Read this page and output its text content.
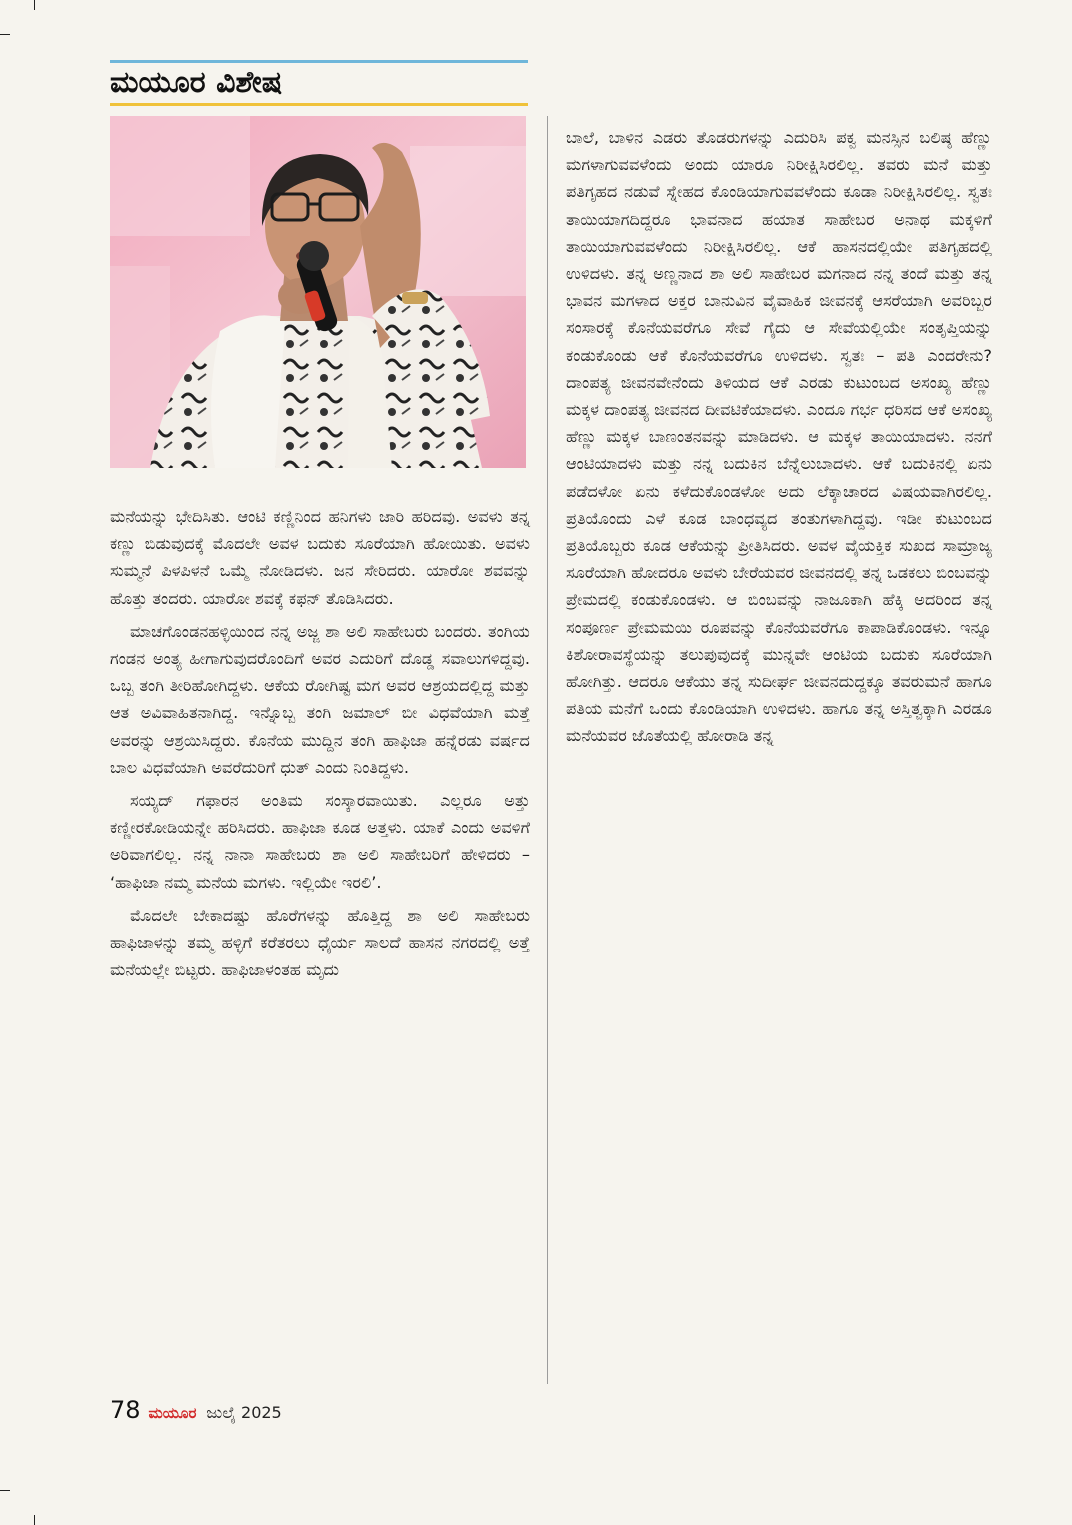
ಮಯೂರ ವಿಶೇಷ

ಮನೆಯನ್ನು ಭೇದಿಸಿತು. ಆಂಟಿ ಕಣ್ಣಿನಿಂದ ಹನಿಗಳು ಜಾರಿ ಹರಿದವು. ಅವಳು ತನ್ನ ಕಣ್ಣು ಬಿಡುವುದಕ್ಕೆ ಮೊದಲೇ ಅವಳ ಬದುಕು ಸೂರೆಯಾಗಿ ಹೋಯಿತು. ಅವಳು ಸುಮ್ಮನೆ ಪಿಳಪಿಳನೆ ಒಮ್ಮೆ ನೋಡಿದಳು. ಜನ ಸೇರಿದರು. ಯಾರೋ ಶವವನ್ನು ಹೊತ್ತು ತಂದರು. ಯಾರೋ ಶವಕ್ಕೆ ಕಫನ್ ತೊಡಿಸಿದರು.

ಮಾಚಗೊಂಡನಹಳ್ಳಿಯಿಂದ ನನ್ನ ಅಜ್ಜ ಶಾ ಅಲಿ ಸಾಹೇಬರು ಬಂದರು. ತಂಗಿಯ ಗಂಡನ ಅಂತ್ಯ ಹೀಗಾಗುವುದರೊಂದಿಗೆ ಅವರ ಎದುರಿಗೆ ದೊಡ್ಡ ಸವಾಲುಗಳಿದ್ದವು. ಒಬ್ಬ ತಂಗಿ ತೀರಿಹೋಗಿದ್ದಳು. ಆಕೆಯ ರೋಗಿಷ್ಟ ಮಗ ಅವರ ಆಶ್ರಯದಲ್ಲಿದ್ದ ಮತ್ತು ಆತ ಅವಿವಾಹಿತನಾಗಿದ್ದ. ಇನ್ನೊಬ್ಬ ತಂಗಿ ಜಮಾಲ್ ಬೀ ವಿಧವೆಯಾಗಿ ಮತ್ತೆ ಅವರನ್ನು ಆಶ್ರಯಿಸಿದ್ದರು. ಕೊನೆಯ ಮುದ್ದಿನ ತಂಗಿ ಹಾಫಿಜಾ ಹನ್ನೆರಡು ವರ್ಷದ ಬಾಲ ವಿಧವೆಯಾಗಿ ಅವರೆದುರಿಗೆ ಧುತ್ ಎಂದು ನಿಂತಿದ್ದಳು.

ಸಯ್ಯದ್ ಗಫಾರನ ಅಂತಿಮ ಸಂಸ್ಕಾರವಾಯಿತು. ಎಲ್ಲರೂ ಅತ್ತು ಕಣ್ಣೀರಕೋಡಿಯನ್ನೇ ಹರಿಸಿದರು. ಹಾಫಿಜಾ ಕೂಡ ಅತ್ತಳು. ಯಾಕೆ ಎಂದು ಅವಳಿಗೆ ಅರಿವಾಗಲಿಲ್ಲ. ನನ್ನ ನಾನಾ ಸಾಹೇಬರು ಶಾ ಅಲಿ ಸಾಹೇಬರಿಗೆ ಹೇಳಿದರು – ‘ಹಾಫಿಜಾ ನಮ್ಮ ಮನೆಯ ಮಗಳು. ಇಲ್ಲಿಯೇ ಇರಲಿ’.

ಮೊದಲೇ ಬೇಕಾದಷ್ಟು ಹೊರೆಗಳನ್ನು ಹೊತ್ತಿದ್ದ ಶಾ ಅಲಿ ಸಾಹೇಬರು ಹಾಫಿಜಾಳನ್ನು ತಮ್ಮ ಹಳ್ಳಿಗೆ ಕರೆತರಲು ಧೈರ್ಯ ಸಾಲದೆ ಹಾಸನ ನಗರದಲ್ಲಿ ಅತ್ತೆ ಮನೆಯಲ್ಲೇ ಬಿಟ್ಟರು. ಹಾಫಿಜಾಳಂತಹ ಮೃದು

ಬಾಲೆ, ಬಾಳಿನ ಎಡರು ತೊಡರುಗಳನ್ನು ಎದುರಿಸಿ ಪಕ್ವ ಮನಸ್ಸಿನ ಬಲಿಷ್ಠ ಹೆಣ್ಣು ಮಗಳಾಗುವವಳೆಂದು ಅಂದು ಯಾರೂ ನಿರೀಕ್ಷಿಸಿರಲಿಲ್ಲ. ತವರು ಮನೆ ಮತ್ತು ಪತಿಗೃಹದ ನಡುವೆ ಸ್ನೇಹದ ಕೊಂಡಿಯಾಗುವವಳೆಂದು ಕೂಡಾ ನಿರೀಕ್ಷಿಸಿರಲಿಲ್ಲ. ಸ್ವತಃ ತಾಯಿಯಾಗದಿದ್ದರೂ ಭಾವನಾದ ಹಯಾತ ಸಾಹೇಬರ ಅನಾಥ ಮಕ್ಕಳಿಗೆ ತಾಯಿಯಾಗುವವಳೆಂದು ನಿರೀಕ್ಷಿಸಿರಲಿಲ್ಲ. ಆಕೆ ಹಾಸನದಲ್ಲಿಯೇ ಪತಿಗೃಹದಲ್ಲಿ ಉಳಿದಳು. ತನ್ನ ಅಣ್ಣನಾದ ಶಾ ಅಲಿ ಸಾಹೇಬರ ಮಗನಾದ ನನ್ನ ತಂದೆ ಮತ್ತು ತನ್ನ ಭಾವನ ಮಗಳಾದ ಅಕ್ತರ ಬಾನುವಿನ ವೈವಾಹಿಕ ಜೀವನಕ್ಕೆ ಆಸರೆಯಾಗಿ ಅವರಿಬ್ಬರ ಸಂಸಾರಕ್ಕೆ ಕೊನೆಯವರೆಗೂ ಸೇವೆ ಗೈದು ಆ ಸೇವೆಯಲ್ಲಿಯೇ ಸಂತೃಪ್ತಿಯನ್ನು ಕಂಡುಕೊಂಡು ಆಕೆ ಕೊನೆಯವರೆಗೂ ಉಳಿದಳು. ಸ್ವತಃ – ಪತಿ ಎಂದರೇನು? ದಾಂಪತ್ಯ ಜೀವನವೇನೆಂದು ತಿಳಿಯದ ಆಕೆ ಎರಡು ಕುಟುಂಬದ ಅಸಂಖ್ಯ ಹೆಣ್ಣು ಮಕ್ಕಳ ದಾಂಪತ್ಯ ಜೀವನದ ದೀವಟಿಕೆಯಾದಳು. ಎಂದೂ ಗರ್ಭ ಧರಿಸದ ಆಕೆ ಅಸಂಖ್ಯ ಹೆಣ್ಣು ಮಕ್ಕಳ ಬಾಣಂತನವನ್ನು ಮಾಡಿದಳು. ಆ ಮಕ್ಕಳ ತಾಯಿಯಾದಳು. ನನಗೆ ಆಂಟಿಯಾದಳು ಮತ್ತು ನನ್ನ ಬದುಕಿನ ಬೆನ್ನೆಲುಬಾದಳು. ಆಕೆ ಬದುಕಿನಲ್ಲಿ ಏನು ಪಡೆದಳೋ ಏನು ಕಳೆದುಕೊಂಡಳೋ ಅದು ಲೆಕ್ಕಾಚಾರದ ವಿಷಯವಾಗಿರಲಿಲ್ಲ. ಪ್ರತಿಯೊಂದು ಎಳೆ ಕೂಡ ಬಾಂಧವ್ಯದ ತಂತುಗಳಾಗಿದ್ದವು. ಇಡೀ ಕುಟುಂಬದ ಪ್ರತಿಯೊಬ್ಬರು ಕೂಡ ಆಕೆಯನ್ನು ಪ್ರೀತಿಸಿದರು. ಅವಳ ವೈಯಕ್ತಿಕ ಸುಖದ ಸಾಮ್ರಾಜ್ಯ ಸೂರೆಯಾಗಿ ಹೋದರೂ ಅವಳು ಬೇರೆಯವರ ಜೀವನದಲ್ಲಿ ತನ್ನ ಒಡಕಲು ಬಿಂಬವನ್ನು ಪ್ರೇಮದಲ್ಲಿ ಕಂಡುಕೊಂಡಳು. ಆ ಬಿಂಬವನ್ನು ನಾಜೂಕಾಗಿ ಹೆಕ್ಕಿ ಅದರಿಂದ ತನ್ನ ಸಂಪೂರ್ಣ ಪ್ರೇಮಮಯಿ ರೂಪವನ್ನು ಕೊನೆಯವರೆಗೂ ಕಾಪಾಡಿಕೊಂಡಳು. ಇನ್ನೂ ಕಿಶೋರಾವಸ್ಥೆಯನ್ನು ತಲುಪುವುದಕ್ಕೆ ಮುನ್ನವೇ ಆಂಟಿಯ ಬದುಕು ಸೂರೆಯಾಗಿ ಹೋಗಿತ್ತು. ಆದರೂ ಆಕೆಯು ತನ್ನ ಸುದೀರ್ಘ ಜೀವನದುದ್ದಕ್ಕೂ ತವರುಮನೆ ಹಾಗೂ ಪತಿಯ ಮನೆಗೆ ಒಂದು ಕೊಂಡಿಯಾಗಿ ಉಳಿದಳು. ಹಾಗೂ ತನ್ನ ಅಸ್ತಿತ್ವಕ್ಕಾಗಿ ಎರಡೂ ಮನೆಯವರ ಜೊತೆಯಲ್ಲಿ ಹೋರಾಡಿ ತನ್ನ

78 ಮಯೂರ ಜುಲೈ 2025
